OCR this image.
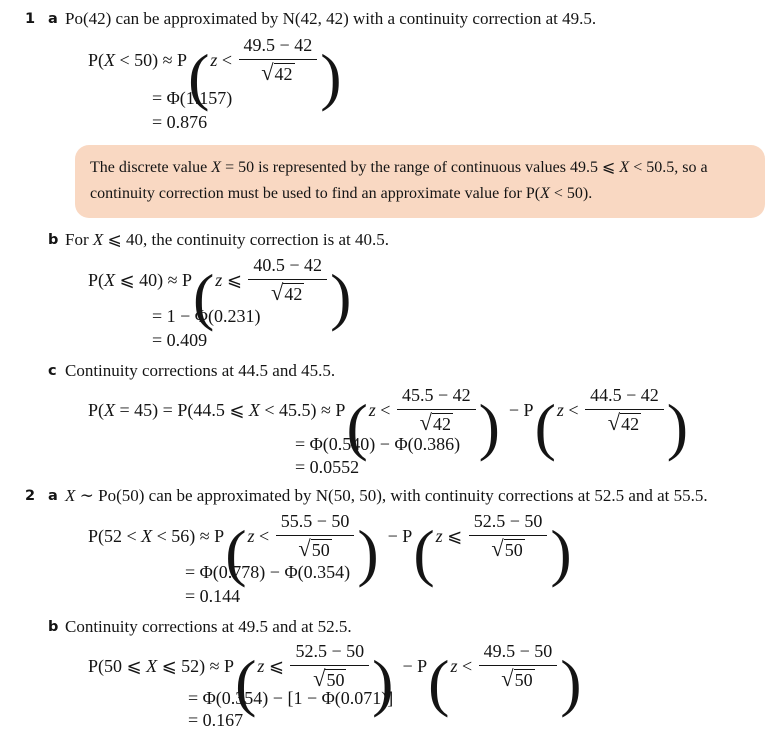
1 a Po(42) can be approximated by N(42, 42) with a continuity correction at 49.5.
P(X < 50) ≈ P ( $z < \frac{49.5 - 42}{√ 42}$ )
= Φ(1.157)
= 0.876
The discrete value X = 50 is represented by the range of continuous values 49.5 ⩽ X < 50.5, so a continuity correction must be used to find an approximate value for P(X < 50).
b For X ⩽ 40, the continuity correction is at 40.5.
P(X ⩽ 40) ≈ P ( z ⩽ $\frac{40.5 - 42}{√ 42}$ )
= 1 − Φ(0.231)
= 0.409
c Continuity corrections at 44.5 and 45.5.
P(X = 45) = P(44.5 ⩽ X < 45.5) ≈ P ( $z < \frac{45.5 - 42}{√ 42}$ ) − P ( $z < \frac{44.5 - 42}{√ 42}$ )
= Φ(0.540) − Φ(0.386)
= 0.0552
2 a X ∼ Po(50) can be approximated by N(50, 50), with continuity corrections at 52.5 and at 55.5.
P(52 < X < 56) ≈ P ( $z < \frac{55.5 - 50}{√ 50}$ ) − P ( z ⩽ $\frac{52.5 - 50}{√ 50}$ )
= Φ(0.778) − Φ(0.354)
= 0.144
b Continuity corrections at 49.5 and at 52.5.
P(50 ⩽ X ⩽ 52) ≈ P ( z ⩽ $\frac{52.5 - 50}{√ 50}$ ) − P ( $z < \frac{49.5 - 50}{√ 50}$ )
= Φ(0.354) − [1 − Φ(0.071)]
= 0.167
